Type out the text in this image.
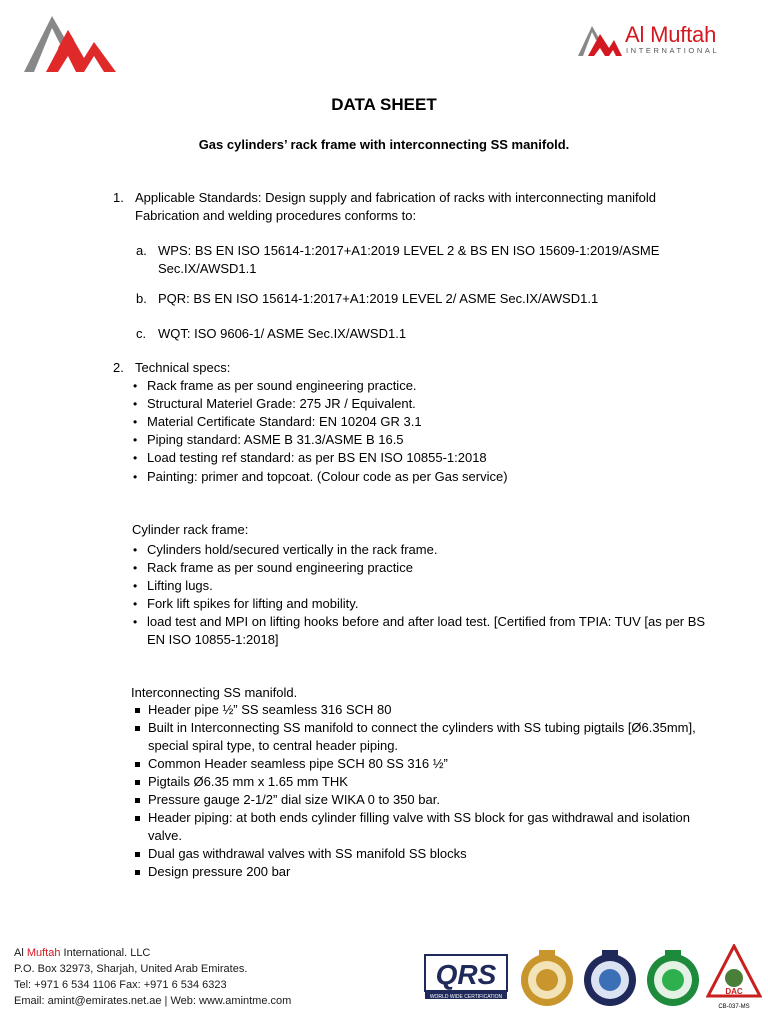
Al Muftah
INTERNATIONAL
DATA SHEET
Gas cylinders’ rack frame with interconnecting SS manifold.
1. Applicable Standards: Design supply and fabrication of racks with interconnecting manifold
Fabrication and welding procedures conforms to:
a. WPS: BS EN ISO 15614-1:2017+A1:2019 LEVEL 2 & BS EN ISO 15609-1:2019/ASME
Sec.IX/AWSD1.1
b. PQR: BS EN ISO 15614-1:2017+A1:2019 LEVEL 2/ ASME Sec.IX/AWSD1.1
c. WQT: ISO 9606-1/ ASME Sec.IX/AWSD1.1
2. Technical specs:
• Rack frame as per sound engineering practice.
• Structural Materiel Grade: 275 JR / Equivalent.
• Material Certificate Standard: EN 10204 GR 3.1
• Piping standard: ASME B 31.3/ASME B 16.5
• Load testing ref standard: as per BS EN ISO 10855-1:2018
• Painting: primer and topcoat. (Colour code as per Gas service)
Cylinder rack frame:
• Cylinders hold/secured vertically in the rack frame.
• Rack frame as per sound engineering practice
• Lifting lugs.
• Fork lift spikes for lifting and mobility.
• load test and MPI on lifting hooks before and after load test. [Certified from TPIA: TUV [as per BS
EN ISO 10855-1:2018]
Interconnecting SS manifold.
Header pipe ½” SS seamless 316 SCH 80
Built in Interconnecting SS manifold to connect the cylinders with SS tubing pigtails [Ø6.35mm],
special spiral type, to central header piping.
Common Header seamless pipe SCH 80 SS 316 ½”
Pigtails Ø6.35 mm x 1.65 mm THK
Pressure gauge 2-1/2” dial size WIKA 0 to 350 bar.
Header piping: at both ends cylinder filling valve with SS block for gas withdrawal and isolation
valve.
Dual gas withdrawal valves with SS manifold SS blocks
Design pressure 200 bar
Al Muftah International. LLC
P.O. Box 32973, Sharjah, United Arab Emirates.
Tel: +971 6 534 1106 Fax: +971 6 534 6323
Email: amint@emirates.net.ae | Web: www.amintme.com
QRS
WORLD WIDE CERTIFICATION
DAC
CB-037-MS
